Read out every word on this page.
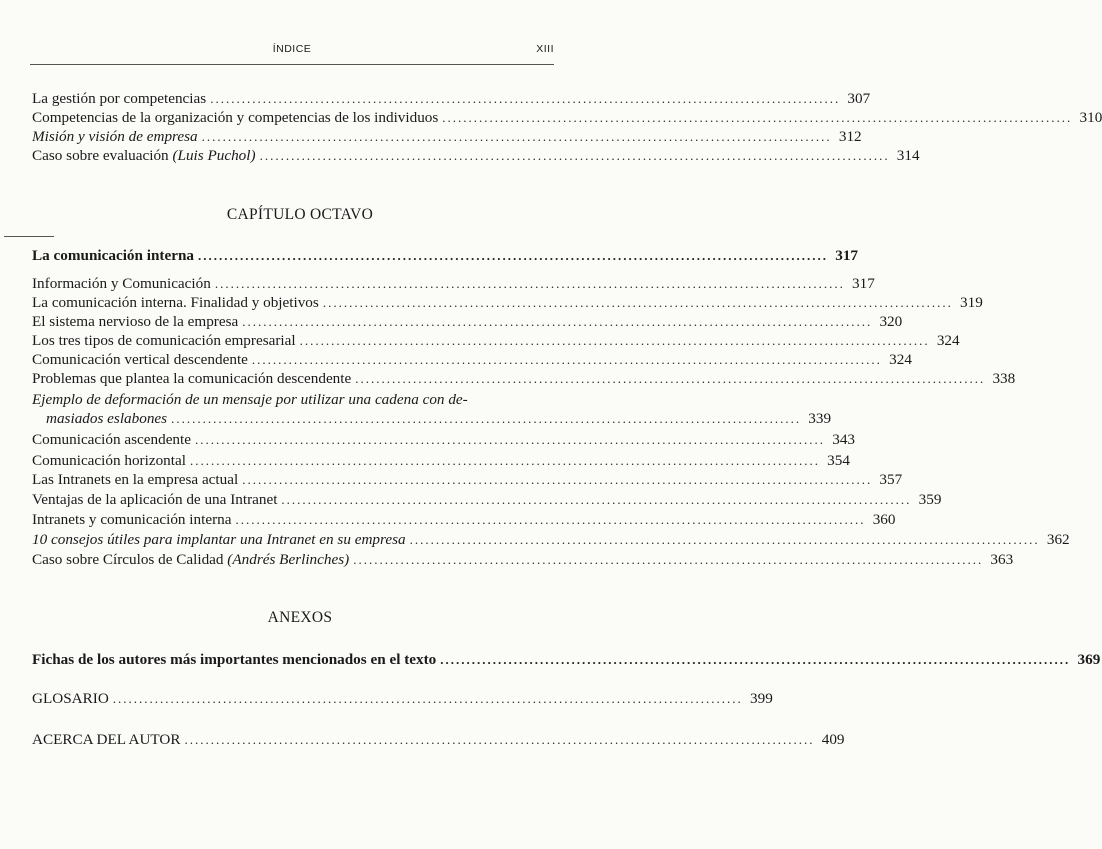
ÍNDICE	XIII
La gestión por competencias ........................................................................................................................ 307
Competencias de la organización y competencias de los individuos ........................................................................................................................ 310
Misión y visión de empresa ........................................................................................................................ 312
Caso sobre evaluación (Luis Puchol) ........................................................................................................................ 314
CAPÍTULO OCTAVO
La comunicación interna ........................................................................................................................ 317
Información y Comunicación ........................................................................................................................ 317
La comunicación interna. Finalidad y objetivos ........................................................................................................................ 319
El sistema nervioso de la empresa ........................................................................................................................ 320
Los tres tipos de comunicación empresarial ........................................................................................................................ 324
Comunicación vertical descendente ........................................................................................................................ 324
Problemas que plantea la comunicación descendente ........................................................................................................................ 338
Ejemplo de deformación de un mensaje por utilizar una cadena con de-
masiados eslabones ........................................................................................................................ 339
Comunicación ascendente ........................................................................................................................ 343
Comunicación horizontal ........................................................................................................................ 354
Las Intranets en la empresa actual ........................................................................................................................ 357
Ventajas de la aplicación de una Intranet ........................................................................................................................ 359
Intranets y comunicación interna ........................................................................................................................ 360
10 consejos útiles para implantar una Intranet en su empresa ........................................................................................................................ 362
Caso sobre Círculos de Calidad (Andrés Berlinches) ........................................................................................................................ 363
ANEXOS
Fichas de los autores más importantes mencionados en el texto ........................................................................................................................ 369
GLOSARIO ........................................................................................................................ 399
ACERCA DEL AUTOR ........................................................................................................................ 409
